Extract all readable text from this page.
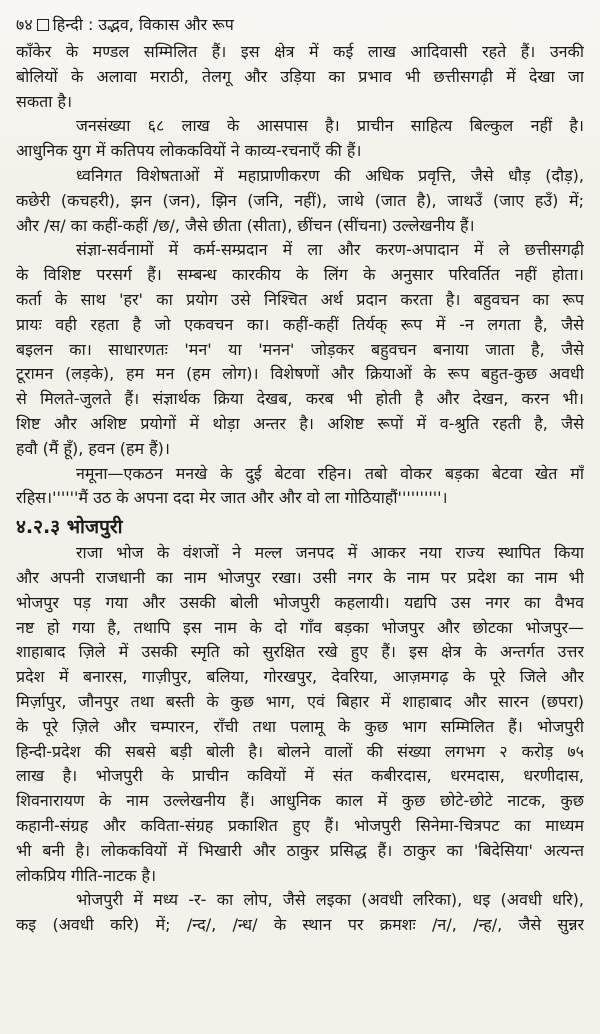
७४ हिन्दी : उद्भव, विकास और रूप
काँकेर के मण्डल सम्मिलित हैं। इस क्षेत्र में कई लाख आदिवासी रहते हैं। उनकी
बोलियों के अलावा मराठी, तेलगू और उड़िया का प्रभाव भी छत्तीसगढ़ी में देखा जा
सकता है।
जनसंख्या ६८ लाख के आसपास है। प्राचीन साहित्य बिल्कुल नहीं है।
आधुनिक युग में कतिपय लोककवियों ने काव्य-रचनाएँ की हैं।
ध्वनिगत विशेषताओं में महाप्राणीकरण की अधिक प्रवृत्ति, जैसे धौड़ (दौड़),
कछेरी (कचहरी), झन (जन), झिन (जनि, नहीं), जाथे (जात है), जाथउँ (जाए हउँ) में;
और /स/ का कहीं-कहीं /छ/, जैसे छीता (सीता), छींचन (सींचना) उल्लेखनीय हैं।
संज्ञा-सर्वनामों में कर्म-सम्प्रदान में ला और करण-अपादान में ले छत्तीसगढ़ी
के विशिष्ट परसर्ग हैं। सम्बन्ध कारकीय के लिंग के अनुसार परिवर्तित नहीं होता।
कर्ता के साथ 'हर' का प्रयोग उसे निश्चित अर्थ प्रदान करता है। बहुवचन का रूप
प्रायः वही रहता है जो एकवचन का। कहीं-कहीं तिर्यक् रूप में -न लगता है, जैसे
बइलन का। साधारणतः 'मन' या 'मनन' जोड़कर बहुवचन बनाया जाता है, जैसे
टूरामन (लड़के), हम मन (हम लोग)। विशेषणों और क्रियाओं के रूप बहुत-कुछ अवधी
से मिलते-जुलते हैं। संज्ञार्थक क्रिया देखब, करब भी होती है और देखन, करन भी।
शिष्ट और अशिष्ट प्रयोगों में थोड़ा अन्तर है। अशिष्ट रूपों में व-श्रुति रहती है, जैसे
हवौ (मैं हूँ), हवन (हम हैं)।
नमूना—एकठन मनखे के दुई बेटवा रहिन। तबो वोकर बड़का बेटवा खेत माँ
रहिस।''''''मैं उठ के अपना ददा मेर जात और और वो ला गोठियाहौं''''''''''।
४.२.३ भोजपुरी
राजा भोज के वंशजों ने मल्ल जनपद में आकर नया राज्य स्थापित किया
और अपनी राजधानी का नाम भोजपुर रखा। उसी नगर के नाम पर प्रदेश का नाम भी
भोजपुर पड़ गया और उसकी बोली भोजपुरी कहलायी। यद्यपि उस नगर का वैभव
नष्ट हो गया है, तथापि इस नाम के दो गाँव बड़का भोजपुर और छोटका भोजपुर—
शाहाबाद ज़िले में उसकी स्मृति को सुरक्षित रखे हुए हैं। इस क्षेत्र के अन्तर्गत उत्तर
प्रदेश में बनारस, गाज़ीपुर, बलिया, गोरखपुर, देवरिया, आज़मगढ़ के पूरे जिले और
मिर्ज़ापुर, जौनपुर तथा बस्ती के कुछ भाग, एवं बिहार में शाहाबाद और सारन (छपरा)
के पूरे ज़िले और चम्पारन, राँची तथा पलामू के कुछ भाग सम्मिलित हैं। भोजपुरी
हिन्दी-प्रदेश की सबसे बड़ी बोली है। बोलने वालों की संख्या लगभग २ करोड़ ७५
लाख है। भोजपुरी के प्राचीन कवियों में संत कबीरदास, धरमदास, धरणीदास,
शिवनारायण के नाम उल्लेखनीय हैं। आधुनिक काल में कुछ छोटे-छोटे नाटक, कुछ
कहानी-संग्रह और कविता-संग्रह प्रकाशित हुए हैं। भोजपुरी सिनेमा-चित्रपट का माध्यम
भी बनी है। लोककवियों में भिखारी और ठाकुर प्रसिद्ध हैं। ठाकुर का 'बिदेसिया' अत्यन्त
लोकप्रिय गीति-नाटक है।
भोजपुरी में मध्य -र- का लोप, जैसे लइका (अवधी लरिका), धइ (अवधी धरि),
कइ (अवधी करि) में; /न्द/, /न्ध/ के स्थान पर क्रमशः /न/, /न्ह/, जैसे सुन्नर
